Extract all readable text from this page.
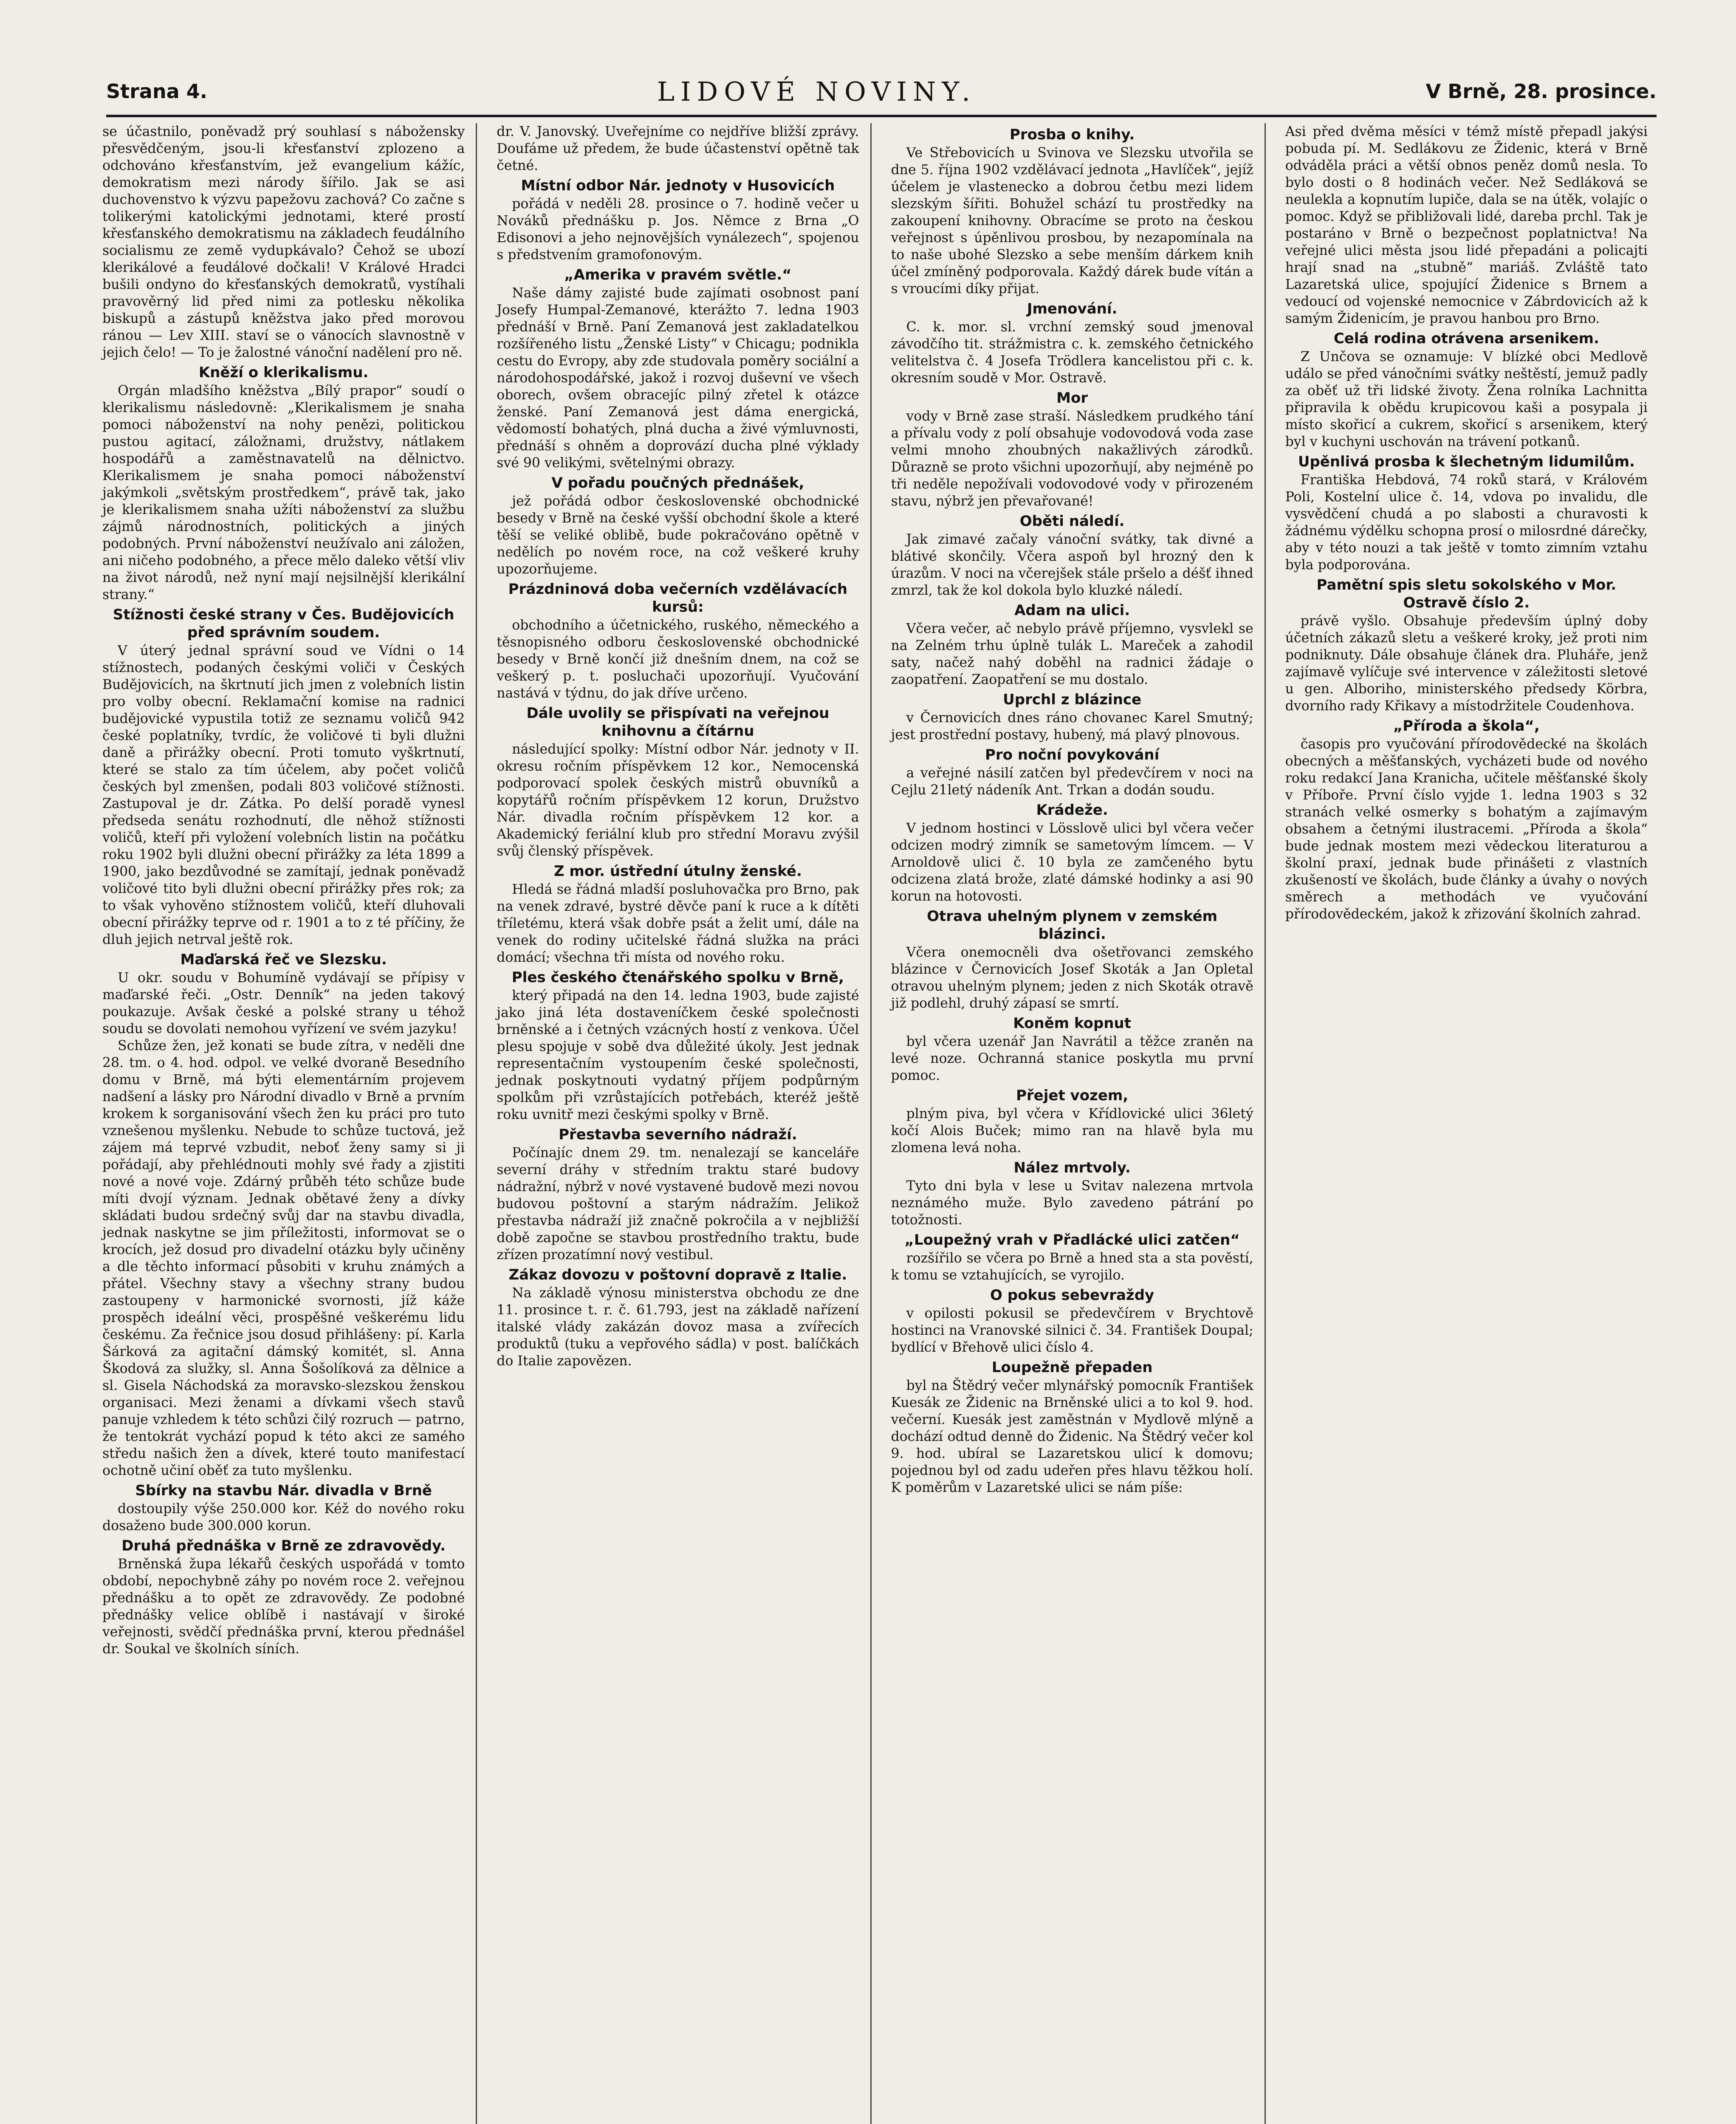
Strana 4.	LIDOVÉ NOVINY.	V Brně, 28. prosince.

se účastnilo, poněvadž prý souhlasí s nábožensky přesvědčeným, jsou-li křesťanství zplozeno a odchováno křesťanstvím, jež evangelium kážíc, demokratism mezi národy šířilo. Jak se asi duchovenstvo k výzvu papežovu zachová? Co začne s tolikerými katolickými jednotami, které prostí křesťanského demokratismu na základech feudálního socialismu ze země vydupkávalo? Čehož se ubozí klerikálové a feudálové dočkali! V Králové Hradci bušili ondyno do křesťanských demokratů, vystíhali pravověrný lid před nimi za potlesku několika biskupů a zástupů kněžstva jako před morovou ránou — Lev XIII. staví se o vánocích slavnostně v jejich čelo! — To je žalostné vánoční nadělení pro ně.

Kněží o klerikalismu.

Orgán mladšího kněžstva „Bílý prapor“ soudí o klerikalismu následovně: „Klerikalismem je snaha pomoci náboženství na nohy penězi, politickou pustou agitací, záložnami, družstvy, nátlakem hospodářů a zaměstnavatelů na dělnictvo. Klerikalismem je snaha pomoci náboženství jakýmkoli „světským prostředkem“, právě tak, jako je klerikalismem snaha užíti náboženství za službu zájmů národnostních, politických a jiných podobných. První náboženství neužívalo ani záložen, ani ničeho podobného, a přece mělo daleko větší vliv na život národů, než nyní mají nejsilnější klerikální strany.“

Stížnosti české strany v Čes. Budějovicích před správním soudem.

V úterý jednal správní soud ve Vídni o 14 stížnostech, podaných českými voliči v Českých Budějovicích, na škrtnutí jich jmen z volebních listin pro volby obecní. Reklamační komise na radnici budějovické vypustila totiž ze seznamu voličů 942 české poplatníky, tvrdíc, že voličové ti byli dlužni daně a přirážky obecní. Proti tomuto vyškrtnutí, které se stalo za tím účelem, aby počet voličů českých byl zmenšen, podali 803 voličové stížnosti. Zastupoval je dr. Zátka. Po delší poradě vynesl předseda senátu rozhodnutí, dle něhož stížnosti voličů, kteří při vyložení volebních listin na počátku roku 1902 byli dlužni obecní přirážky za léta 1899 a 1900, jako bezdůvodné se zamítají, jednak poněvadž voličové tito byli dlužni obecní přirážky přes rok; za to však vyhověno stížnostem voličů, kteří dluhovali obecní přirážky teprve od r. 1901 a to z té příčiny, že dluh jejich netrval ještě rok.

Maďarská řeč ve Slezsku.

U okr. soudu v Bohumíně vydávají se přípisy v maďarské řeči. „Ostr. Denník“ na jeden takový poukazuje. Avšak české a polské strany u téhož soudu se dovolati nemohou vyřízení ve svém jazyku!

Schůze žen, jež konati se bude zítra, v neděli dne 28. tm. o 4. hod. odpol. ve velké dvoraně Besedního domu v Brně, má býti elementárním projevem nadšení a lásky pro Národní divadlo v Brně a prvním krokem k sorganisování všech žen ku práci pro tuto vznešenou myšlenku. Nebude to schůze tuctová, jež zájem má teprvé vzbudit, neboť ženy samy si ji pořádají, aby přehlédnouti mohly své řady a zjistiti nové a nové voje. Zdárný průběh této schůze bude míti dvojí význam. Jednak obětavé ženy a dívky skládati budou srdečný svůj dar na stavbu divadla, jednak naskytne se jim příležitosti, informovat se o krocích, jež dosud pro divadelní otázku byly učiněny a dle těchto informací působiti v kruhu známých a přátel. Všechny stavy a všechny strany budou zastoupeny v harmonické svornosti, jíž káže prospěch ideální věci, prospěšné veškerému lidu českému. Za řečnice jsou dosud přihlášeny: pí. Karla Šárková za agitační dámský komitét, sl. Anna Škodová za služky, sl. Anna Šošolíková za dělnice a sl. Gisela Náchodská za moravsko-slezskou ženskou organisaci. Mezi ženami a dívkami všech stavů panuje vzhledem k této schůzi čilý rozruch — patrno, že tentokrát vychází popud k této akci ze samého středu našich žen a dívek, které touto manifestací ochotně učiní oběť za tuto myšlenku.

Sbírky na stavbu Nár. divadla v Brně

dostoupily výše 250.000 kor. Kéž do nového roku dosaženo bude 300.000 korun.

Druhá přednáška v Brně ze zdravovědy.

Brněnská župa lékařů českých uspořádá v tomto období, nepochybně záhy po novém roce 2. veřejnou přednášku a to opět ze zdravovědy. Ze podobné přednášky velice oblíbě i nastávají v široké veřejnosti, svědčí přednáška první, kterou přednášel dr. Soukal ve školních síních.

dr. V. Janovský. Uveřejníme co nejdříve bližší zprávy. Doufáme už předem, že bude účastenství opětně tak četné.

Místní odbor Nár. jednoty v Husovicích

pořádá v neděli 28. prosince o 7. hodině večer u Nováků přednášku p. Jos. Němce z Brna „O Edisonovi a jeho nejnovějších vynálezech“, spojenou s předstvením gramofonovým.

„Amerika v pravém světle.“

Naše dámy zajisté bude zajímati osobnost paní Josefy Humpal-Zemanové, kterážto 7. ledna 1903 přednáší v Brně. Paní Zemanová jest zakladatelkou rozšířeného listu „Ženské Listy“ v Chicagu; podnikla cestu do Evropy, aby zde studovala poměry sociální a národohospodářské, jakož i rozvoj duševní ve všech oborech, ovšem obracejíc pilný zřetel k otázce ženské. Paní Zemanová jest dáma energická, vědomostí bohatých, plná ducha a živé výmluvnosti, přednáší s ohněm a doprovází ducha plné výklady své 90 velikými, světelnými obrazy.

V pořadu poučných přednášek,

jež pořádá odbor československé obchodnické besedy v Brně na české vyšší obchodní škole a které těší se veliké oblibě, bude pokračováno opětně v nedělích po novém roce, na což veškeré kruhy upozorňujeme.

Prázdninová doba večerních vzdělávacích kursů:

obchodního a účetnického, ruského, německého a těsnopisného odboru československé obchodnické besedy v Brně končí již dnešním dnem, na což se veškerý p. t. posluchači upozorňují. Vyučování nastává v týdnu, do jak dříve určeno.

Dále uvolily se přispívati na veřejnou knihovnu a čítárnu

následující spolky: Místní odbor Nár. jednoty v II. okresu ročním příspěvkem 12 kor., Nemocenská podporovací spolek českých mistrů obuvníků a kopytářů ročním příspěvkem 12 korun, Družstvo Nár. divadla ročním příspěvkem 12 kor. a Akademický feriální klub pro střední Moravu zvýšil svůj členský příspěvek.

Z mor. ústřední útulny ženské.

Hledá se řádná mladší posluhovačka pro Brno, pak na venek zdravé, bystré děvče paní k ruce a k dítěti tříletému, která však dobře psát a želit umí, dále na venek do rodiny učitelské řádná služka na práci domácí; všechna tři místa od nového roku.

Ples českého čtenářského spolku v Brně,

který připadá na den 14. ledna 1903, bude zajisté jako jiná léta dostaveníčkem české společnosti brněnské a i četných vzácných hostí z venkova. Účel plesu spojuje v sobě dva důležité úkoly. Jest jednak representačním vystoupením české společnosti, jednak poskytnouti vydatný příjem podpůrným spolkům při vzrůstajících potřebách, kteréž ještě roku uvnitř mezi českými spolky v Brně.

Přestavba severního nádraží.

Počínajíc dnem 29. tm. nenalezají se kanceláře severní dráhy v středním traktu staré budovy nádražní, nýbrž v nové vystavené budově mezi novou budovou poštovní a starým nádražím. Jelikož přestavba nádraží již značně pokročila a v nejbližší době započne se stavbou prostředního traktu, bude zřízen prozatímní nový vestibul.

Zákaz dovozu v poštovní dopravě z Italie.

Na základě výnosu ministerstva obchodu ze dne 11. prosince t. r. č. 61.793, jest na základě nařízení italské vlády zakázán dovoz masa a zvířecích produktů (tuku a vepřového sádla) v post. balíčkách do Italie zapovězen.

Prosba o knihy.

Ve Střebovicích u Svinova ve Slezsku utvořila se dne 5. října 1902 vzdělávací jednota „Havlíček“, jejíž účelem je vlastenecko a dobrou četbu mezi lidem slezským šířiti. Bohužel schází tu prostředky na zakoupení knihovny. Obracíme se proto na českou veřejnost s úpěnlivou prosbou, by nezapomínala na to naše ubohé Slezsko a sebe menším dárkem knih účel zmíněný podporovala. Každý dárek bude vítán a s vroucími díky přijat.

Jmenování.

C. k. mor. sl. vrchní zemský soud jmenoval závodčího tit. strážmistra c. k. zemského četnického velitelstva č. 4 Josefa Trödlera kancelistou při c. k. okresním soudě v Mor. Ostravě.

Mor

vody v Brně zase straší. Následkem prudkého tání a přívalu vody z polí obsahuje vodovodová voda zase velmi mnoho zhoubných nakažlivých zárodků. Důrazně se proto všichni upozorňují, aby nejméně po tři neděle nepožívali vodovodové vody v přirozeném stavu, nýbrž jen převařované!

Oběti náledí.

Jak zimavé začaly vánoční svátky, tak divné a blátivé skončily. Včera aspoň byl hrozný den k úrazům. V noci na včerejšek stále pršelo a déšť ihned zmrzl, tak že kol dokola bylo kluzké náledí.

Adam na ulici.

Včera večer, ač nebylo právě příjemno, vysvlekl se na Zelném trhu úplně tulák L. Mareček a zahodil saty, načež nahý doběhl na radnici žádaje o zaopatření. Zaopatření se mu dostalo.

Uprchl z blázince

v Černovicích dnes ráno chovanec Karel Smutný; jest prostřední postavy, hubený, má plavý plnovous.

Pro noční povykování

a veřejné násilí zatčen byl předevčírem v noci na Cejlu 21letý nádeník Ant. Trkan a dodán soudu.

Krádeže.

V jednom hostinci v Lösslově ulici byl včera večer odcizen modrý zimník se sametovým límcem. — V Arnoldově ulici č. 10 byla ze zamčeného bytu odcizena zlatá brože, zlaté dámské hodinky a asi 90 korun na hotovosti.

Otrava uhelným plynem v zemském blázinci.

Včera onemocněli dva ošetřovanci zemského blázince v Černovicích Josef Skoták a Jan Opletal otravou uhelným plynem; jeden z nich Skoták otravě již podlehl, druhý zápasí se smrtí.

Koněm kopnut

byl včera uzenář Jan Navrátil a těžce zraněn na levé noze. Ochranná stanice poskytla mu první pomoc.

Přejet vozem,

plným piva, byl včera v Křídlovické ulici 36letý kočí Alois Buček; mimo ran na hlavě byla mu zlomena levá noha.

Nález mrtvoly.

Tyto dni byla v lese u Svitav nalezena mrtvola neznámého muže. Bylo zavedeno pátrání po totožnosti.

„Loupežný vrah v Přadlácké ulici zatčen“

rozšířilo se včera po Brně a hned sta a sta pověstí, k tomu se vztahujících, se vyrojilo.

O pokus sebevraždy

v opilosti pokusil se předevčírem v Brychtově hostinci na Vranovské silnici č. 34. František Doupal; bydlící v Břehově ulici číslo 4.

Loupežně přepaden

byl na Štědrý večer mlynářský pomocník František Kuesák ze Židenic na Brněnské ulici a to kol 9. hod. večerní. Kuesák jest zaměstnán v Mydlově mlýně a dochází odtud denně do Židenic. Na Štědrý večer kol 9. hod. ubíral se Lazaretskou ulicí k domovu; pojednou byl od zadu udeřen přes hlavu těžkou holí. K poměrům v Lazaretské ulici se nám píše:

Asi před dvěma měsíci v témž místě přepadl jakýsi pobuda pí. M. Sedlákovu ze Židenic, která v Brně odváděla práci a větší obnos peněz domů nesla. To bylo dosti o 8 hodinách večer. Než Sedláková se neulekla a kopnutím lupiče, dala se na útěk, volajíc o pomoc. Když se přibližovali lidé, dareba prchl. Tak je postaráno v Brně o bezpečnost poplatnictva! Na veřejné ulici města jsou lidé přepadáni a policajti hrají snad na „stubně“ mariáš. Zvláště tato Lazaretská ulice, spojující Židenice s Brnem a vedoucí od vojenské nemocnice v Zábrdovicích až k samým Židenicím, je pravou hanbou pro Brno.

Celá rodina otrávena arsenikem.

Z Unčova se oznamuje: V blízké obci Medlově událo se před vánočními svátky neštěstí, jemuž padly za oběť už tři lidské životy. Žena rolníka Lachnitta připravila k obědu krupicovou kaši a posypala ji místo skořicí a cukrem, skořicí s arsenikem, který byl v kuchyni uschován na trávení potkanů.

Upěnlivá prosba k šlechetným lidumilům.

Františka Hebdová, 74 roků stará, v Královém Poli, Kostelní ulice č. 14, vdova po invalidu, dle vysvědčení chudá a po slabosti a churavosti k žádnému výdělku schopna prosí o milosrdné dárečky, aby v této nouzi a tak ještě v tomto zimním vztahu byla podporována.

Pamětní spis sletu sokolského v Mor. Ostravě číslo 2.

právě vyšlo. Obsahuje především úplný doby účetních zákazů sletu a veškeré kroky, jež proti nim podniknuty. Dále obsahuje článek dra. Pluháře, jenž zajímavě vylíčuje své intervence v záležitosti sletové u gen. Alboriho, ministerského předsedy Körbra, dvorního rady Křikavy a místodržitele Coudenhova.

„Příroda a škola“,

časopis pro vyučování přírodovědecké na školách obecných a měšťanských, vycházeti bude od nového roku redakcí Jana Kranicha, učitele měšťanské školy v Příboře. První číslo vyjde 1. ledna 1903 s 32 stranách velké osmerky s bohatým a zajímavým obsahem a četnými ilustracemi. „Příroda a škola“ bude jednak mostem mezi vědeckou literaturou a školní praxí, jednak bude přinášeti z vlastních zkušeností ve školách, bude články a úvahy o nových směrech a methodách ve vyučování přírodovědeckém, jakož k zřizování školních zahrad.
